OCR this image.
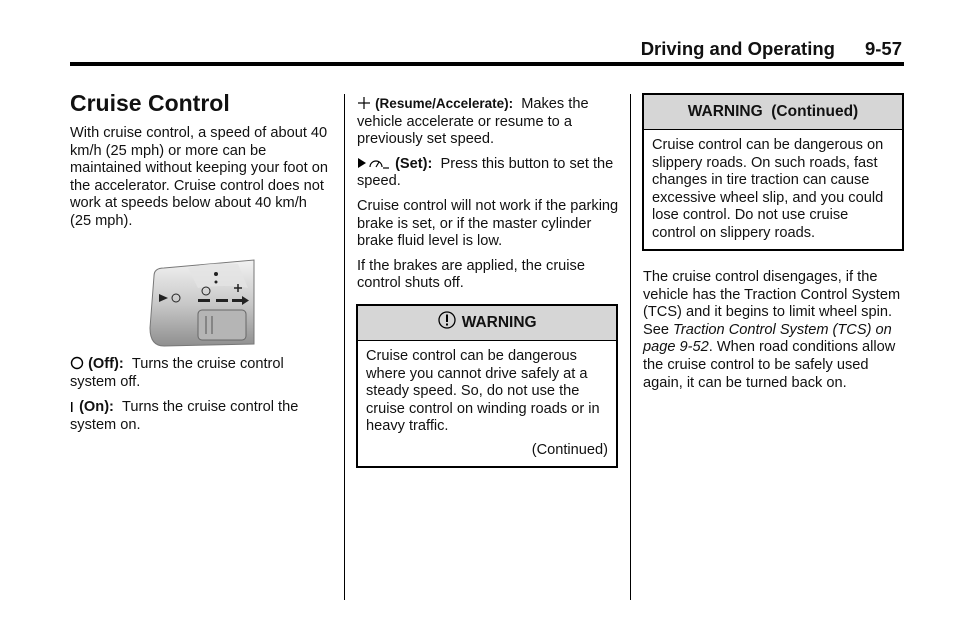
Driving and Operating 9-57
Cruise Control

With cruise control, a speed of about 40 km/h (25 mph) or more can be maintained without keeping your foot on the accelerator. Cruise control does not work at speeds below about 40 km/h (25 mph).

(Off): Turns the cruise control system off.

(On): Turns the cruise control the system on.

(Resume/Accelerate): Makes the vehicle accelerate or resume to a previously set speed.

(Set): Press this button to set the speed.

Cruise control will not work if the parking brake is set, or if the master cylinder brake fluid level is low.

If the brakes are applied, the cruise control shuts off.

WARNING
Cruise control can be dangerous where you cannot drive safely at a steady speed. So, do not use the cruise control on winding roads or in heavy traffic.
(Continued)
WARNING  (Continued)
Cruise control can be dangerous on slippery roads. On such roads, fast changes in tire traction can cause excessive wheel slip, and you could lose control. Do not use cruise control on slippery roads.

The cruise control disengages, if the vehicle has the Traction Control System (TCS) and it begins to limit wheel spin. See Traction Control System (TCS) on page 9-52. When road conditions allow the cruise control to be safely used again, it can be turned back on.
